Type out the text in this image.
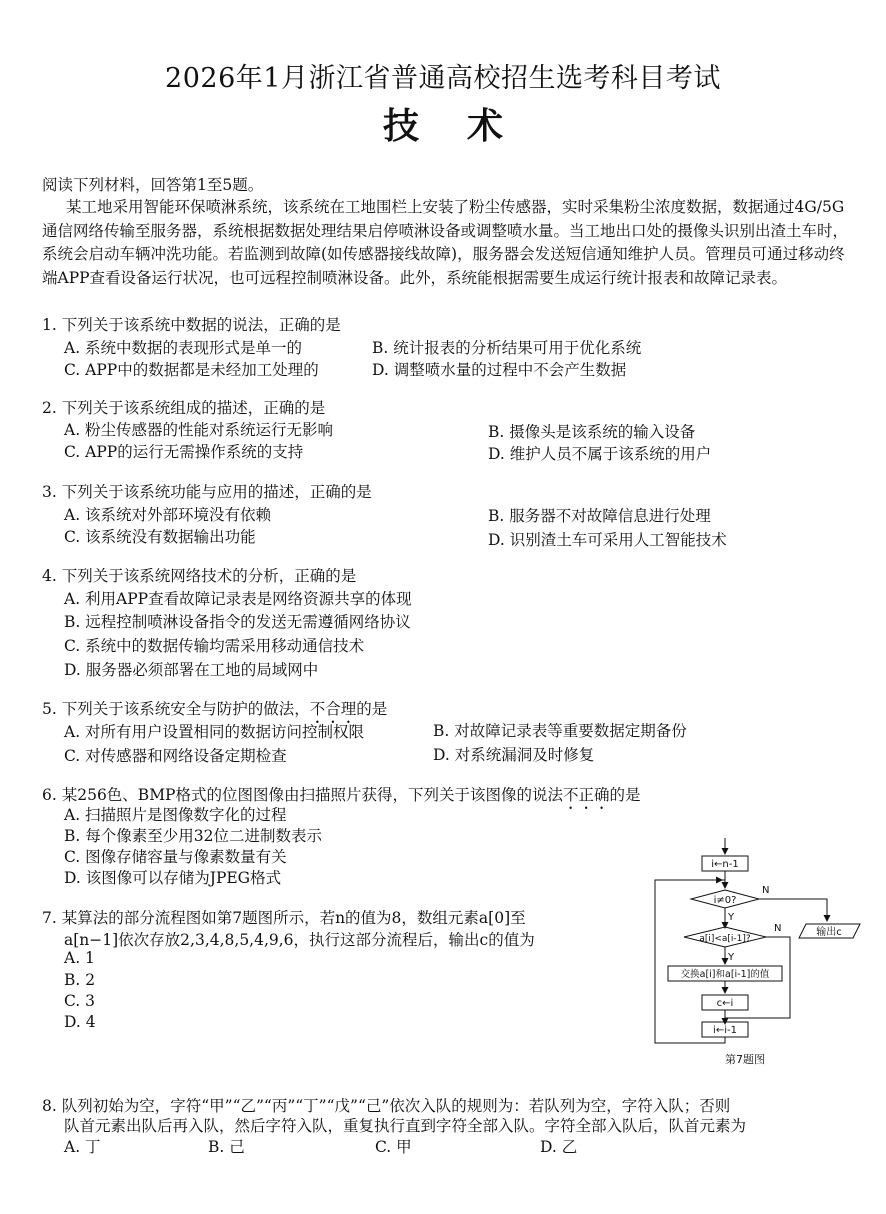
2026年1月浙江省普通高校招生选考科目考试
技术
阅读下列材料，回答第1至5题。

某工地采用智能环保喷淋系统，该系统在工地围栏上安装了粉尘传感器，实时采集粉尘浓度数据，数据通过4G/5G通信网络传输至服务器，系统根据数据处理结果启停喷淋设备或调整喷水量。当工地出口处的摄像头识别出渣土车时，系统会启动车辆冲洗功能。若监测到故障(如传感器接线故障)，服务器会发送短信通知维护人员。管理员可通过移动终端APP查看设备运行状况，也可远程控制喷淋设备。此外，系统能根据需要生成运行统计报表和故障记录表。

1. 下列关于该系统中数据的说法，正确的是
A. 系统中数据的表现形式是单一的	B. 统计报表的分析结果可用于优化系统
C. APP中的数据都是未经加工处理的	D. 调整喷水量的过程中不会产生数据
2. 下列关于该系统组成的描述，正确的是
A. 粉尘传感器的性能对系统运行无影响	B. 摄像头是该系统的输入设备
C. APP的运行无需操作系统的支持	D. 维护人员不属于该系统的用户
3. 下列关于该系统功能与应用的描述，正确的是
A. 该系统对外部环境没有依赖	B. 服务器不对故障信息进行处理
C. 该系统没有数据输出功能	D. 识别渣土车可采用人工智能技术
4. 下列关于该系统网络技术的分析，正确的是
A. 利用APP查看故障记录表是网络资源共享的体现
B. 远程控制喷淋设备指令的发送无需遵循网络协议
C. 系统中的数据传输均需采用移动通信技术
D. 服务器必须部署在工地的局域网中
5. 下列关于该系统安全与防护的做法，不合理的是
A. 对所有用户设置相同的数据访问控制权限	B. 对故障记录表等重要数据定期备份
C. 对传感器和网络设备定期检查	D. 对系统漏洞及时修复
6. 某256色、BMP格式的位图图像由扫描照片获得，下列关于该图像的说法不正确的是
A. 扫描照片是图像数字化的过程
B. 每个像素至少用32位二进制数表示
C. 图像存储容量与像素数量有关
D. 该图像可以存储为JPEG格式
7. 某算法的部分流程图如第7题图所示，若n的值为8，数组元素a[0]至
a[n−1]依次存放2,3,4,8,5,4,9,6，执行这部分流程后，输出c的值为
A. 1
B. 2
C. 3
D. 4
i←n-1
i≠0?
N
Y
a[i]<a[i-1]?
N
Y
交换a[i]和a[i-1]的值
c←i
i←i-1
输出c
第7题图
8. 队列初始为空，字符“甲”“乙”“丙”“丁”“戊”“己”依次入队的规则为：若队列为空，字符入队；否则
队首元素出队后再入队，然后字符入队，重复执行直到字符全部入队。字符全部入队后，队首元素为
A. 丁	B. 己	C. 甲	D. 乙
